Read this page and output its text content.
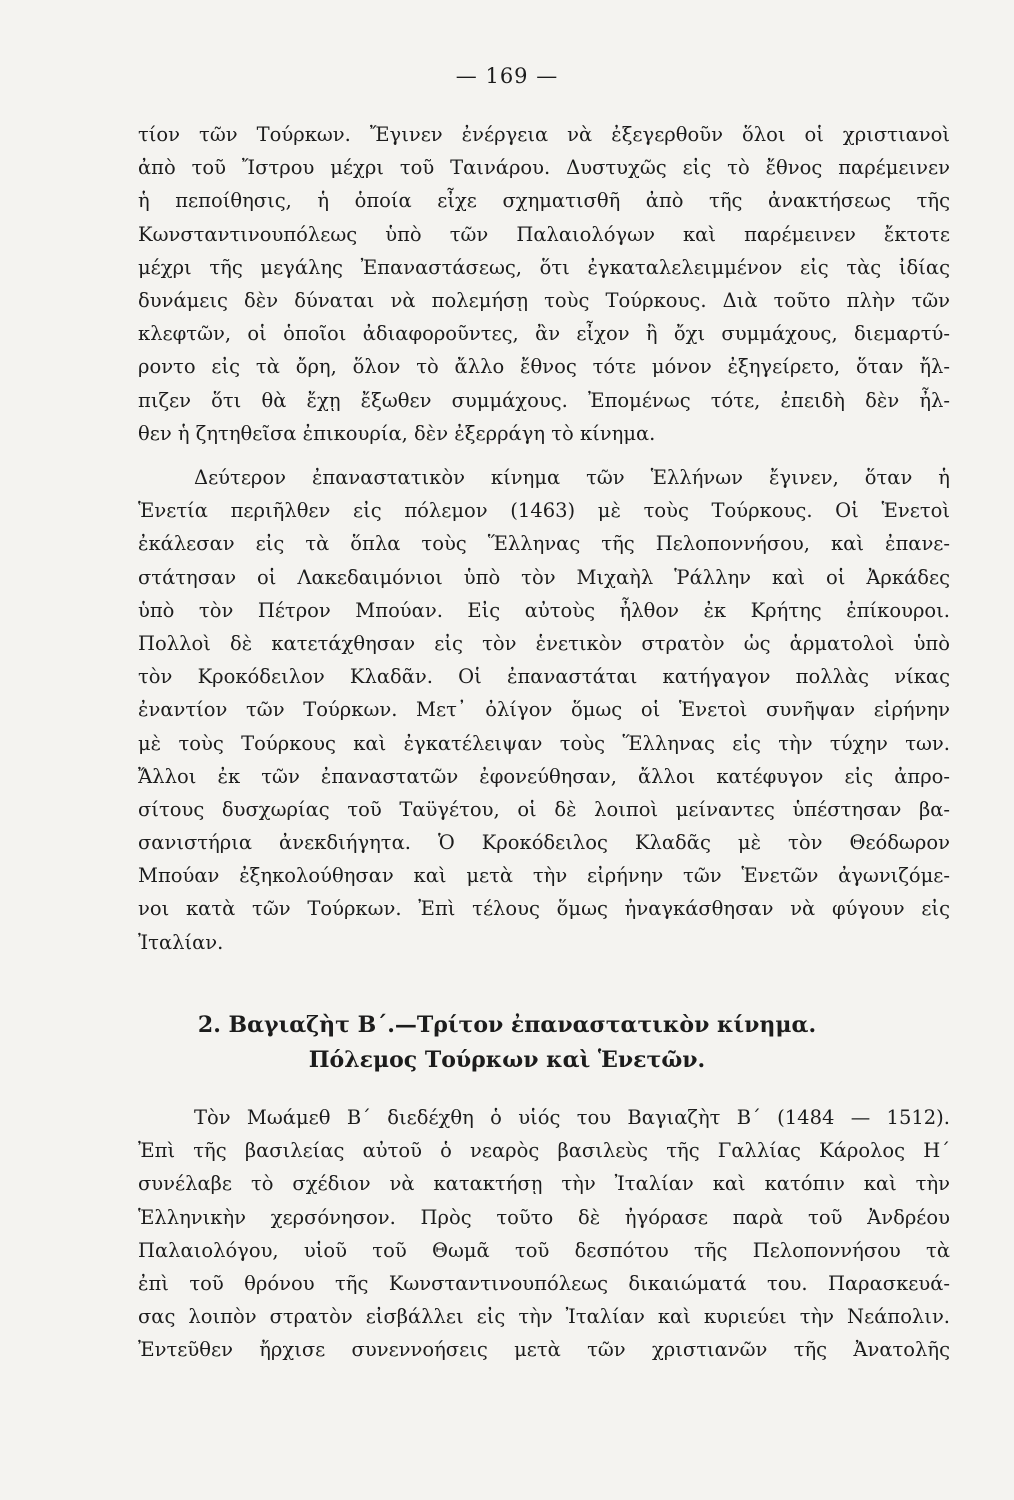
— 169 —
τίον τῶν Τούρκων. Ἔγινεν ἐνέργεια νὰ ἐξεγερθοῦν ὅλοι οἱ χριστιανοὶ
ἀπὸ τοῦ Ἴστρου μέχρι τοῦ Ταινάρου. Δυστυχῶς εἰς τὸ ἔθνος παρέμεινεν
ἡ πεποίθησις, ἡ ὁποία εἶχε σχηματισθῆ ἀπὸ τῆς ἀνακτήσεως τῆς
Κωνσταντινουπόλεως ὑπὸ τῶν Παλαιολόγων καὶ παρέμεινεν ἔκτοτε
μέχρι τῆς μεγάλης Ἐπαναστάσεως, ὅτι ἐγκαταλελειμμένον εἰς τὰς ἰδίας
δυνάμεις δὲν δύναται νὰ πολεμήσῃ τοὺς Τούρκους. Διὰ τοῦτο πλὴν τῶν
κλεφτῶν, οἱ ὁποῖοι ἀδιαφοροῦντες, ἂν εἶχον ἢ ὄχι συμμάχους, διεμαρτύ-
ροντο εἰς τὰ ὄρη, ὅλον τὸ ἄλλο ἔθνος τότε μόνον ἐξηγείρετο, ὅταν ἤλ-
πιζεν ὅτι θὰ ἔχῃ ἔξωθεν συμμάχους. Ἐπομένως τότε, ἐπειδὴ δὲν ἦλ-
θεν ἡ ζητηθεῖσα ἐπικουρία, δὲν ἐξερράγη τὸ κίνημα.
Δεύτερον ἐπαναστατικὸν κίνημα τῶν Ἑλλήνων ἔγινεν, ὅταν ἡ
Ἑνετία περιῆλθεν εἰς πόλεμον (1463) μὲ τοὺς Τούρκους. Οἱ Ἑνετοὶ
ἐκάλεσαν εἰς τὰ ὅπλα τοὺς Ἕλληνας τῆς Πελοποννήσου, καὶ ἐπανε-
στάτησαν οἱ Λακεδαιμόνιοι ὑπὸ τὸν Μιχαὴλ Ῥάλλην καὶ οἱ Ἀρκάδες
ὑπὸ τὸν Πέτρον Μπούαν. Εἰς αὐτοὺς ἦλθον ἐκ Κρήτης ἐπίκουροι.
Πολλοὶ δὲ κατετάχθησαν εἰς τὸν ἑνετικὸν στρατὸν ὡς ἁρματολοὶ ὑπὸ
τὸν Κροκόδειλον Κλαδᾶν. Οἱ ἐπαναστάται κατήγαγον πολλὰς νίκας
ἐναντίον τῶν Τούρκων. Μετ᾽ ὀλίγον ὅμως οἱ Ἑνετοὶ συνῆψαν εἰρήνην
μὲ τοὺς Τούρκους καὶ ἐγκατέλειψαν τοὺς Ἕλληνας εἰς τὴν τύχην των.
Ἄλλοι ἐκ τῶν ἐπαναστατῶν ἐφονεύθησαν, ἄλλοι κατέφυγον εἰς ἀπρο-
σίτους δυσχωρίας τοῦ Ταϋγέτου, οἱ δὲ λοιποὶ μείναντες ὑπέστησαν βα-
σανιστήρια ἀνεκδιήγητα. Ὁ Κροκόδειλος Κλαδᾶς μὲ τὸν Θεόδωρον
Μπούαν ἐξηκολούθησαν καὶ μετὰ τὴν εἰρήνην τῶν Ἑνετῶν ἀγωνιζόμε-
νοι κατὰ τῶν Τούρκων. Ἐπὶ τέλους ὅμως ἠναγκάσθησαν νὰ φύγουν εἰς
Ἰταλίαν.
2. Βαγιαζὴτ Β΄.—Τρίτον ἐπαναστατικὸν κίνημα.
Πόλεμος Τούρκων καὶ Ἑνετῶν.
Τὸν Μωάμεθ Β΄ διεδέχθη ὁ υἱός του Βαγιαζὴτ Β΄ (1484 — 1512).
Ἐπὶ τῆς βασιλείας αὐτοῦ ὁ νεαρὸς βασιλεὺς τῆς Γαλλίας Κάρολος Η΄
συνέλαβε τὸ σχέδιον νὰ κατακτήσῃ τὴν Ἰταλίαν καὶ κατόπιν καὶ τὴν
Ἑλληνικὴν χερσόνησον. Πρὸς τοῦτο δὲ ἠγόρασε παρὰ τοῦ Ἀνδρέου
Παλαιολόγου, υἱοῦ τοῦ Θωμᾶ τοῦ δεσπότου τῆς Πελοποννήσου τὰ
ἐπὶ τοῦ θρόνου τῆς Κωνσταντινουπόλεως δικαιώματά του. Παρασκευά-
σας λοιπὸν στρατὸν εἰσβάλλει εἰς τὴν Ἰταλίαν καὶ κυριεύει τὴν Νεάπολιν.
Ἐντεῦθεν ἤρχισε συνεννοήσεις μετὰ τῶν χριστιανῶν τῆς Ἀνατολῆς
